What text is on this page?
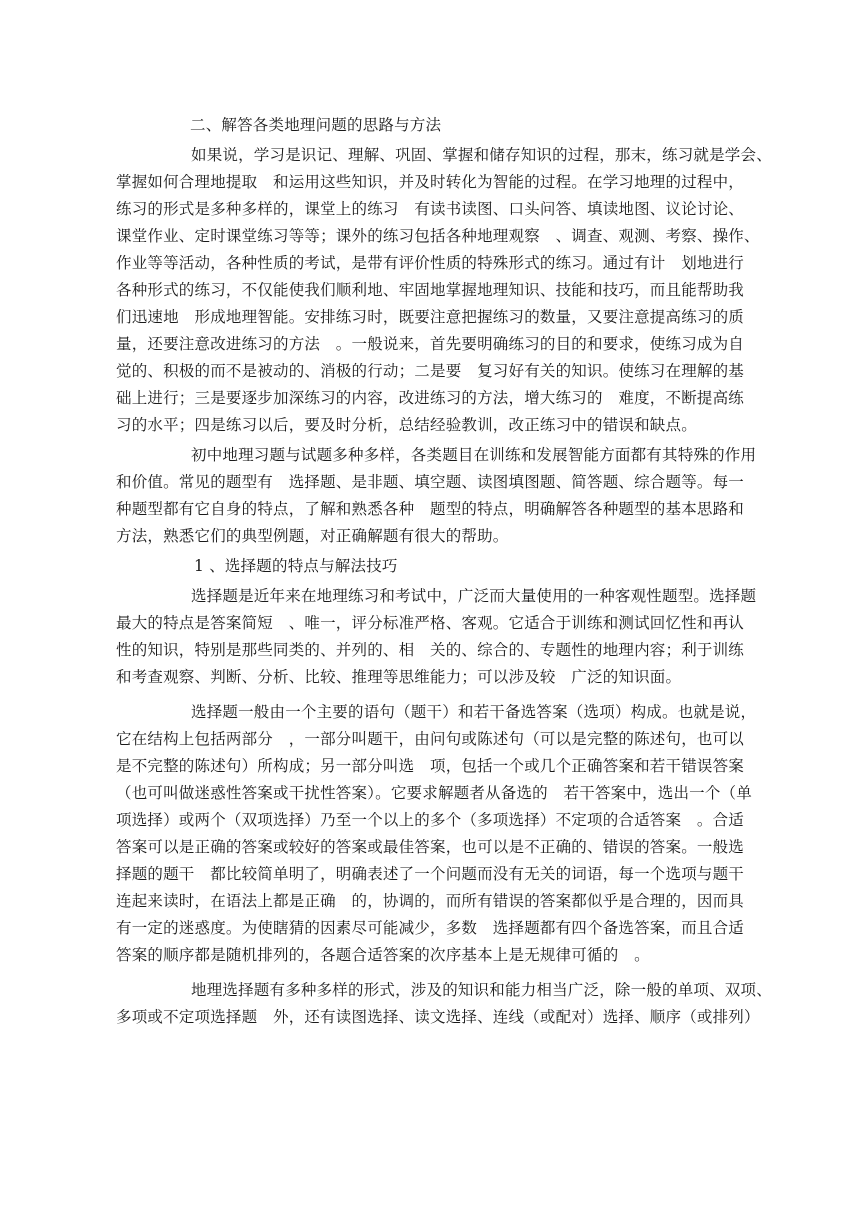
二、解答各类地理问题的思路与方法
如果说，学习是识记、理解、巩固、掌握和储存知识的过程，那末，练习就是学会、
掌握如何合理地提取　和运用这些知识，并及时转化为智能的过程。在学习地理的过程中，
练习的形式是多种多样的，课堂上的练习　有读书读图、口头问答、填读地图、议论讨论、
课堂作业、定时课堂练习等等；课外的练习包括各种地理观察　、调查、观测、考察、操作、
作业等等活动，各种性质的考试，是带有评价性质的特殊形式的练习。通过有计　划地进行
各种形式的练习，不仅能使我们顺利地、牢固地掌握地理知识、技能和技巧，而且能帮助我
们迅速地　形成地理智能。安排练习时，既要注意把握练习的数量，又要注意提高练习的质
量，还要注意改进练习的方法　。一般说来，首先要明确练习的目的和要求，使练习成为自
觉的、积极的而不是被动的、消极的行动；二是要　复习好有关的知识。使练习在理解的基
础上进行；三是要逐步加深练习的内容，改进练习的方法，增大练习的　难度，不断提高练
习的水平；四是练习以后，要及时分析，总结经验教训，改正练习中的错误和缺点。
初中地理习题与试题多种多样，各类题目在训练和发展智能方面都有其特殊的作用
和价值。常见的题型有　选择题、是非题、填空题、读图填图题、简答题、综合题等。每一
种题型都有它自身的特点，了解和熟悉各种　题型的特点，明确解答各种题型的基本思路和
方法，熟悉它们的典型例题，对正确解题有很大的帮助。
1 、选择题的特点与解法技巧
选择题是近年来在地理练习和考试中，广泛而大量使用的一种客观性题型。选择题
最大的特点是答案简短　、唯一，评分标准严格、客观。它适合于训练和测试回忆性和再认
性的知识，特别是那些同类的、并列的、相　关的、综合的、专题性的地理内容；利于训练
和考查观察、判断、分析、比较、推理等思维能力；可以涉及较　广泛的知识面。
选择题一般由一个主要的语句（题干）和若干备选答案（选项）构成。也就是说，
它在结构上包括两部分　，一部分叫题干，由问句或陈述句（可以是完整的陈述句，也可以
是不完整的陈述句）所构成；另一部分叫选　项，包括一个或几个正确答案和若干错误答案
（也可叫做迷惑性答案或干扰性答案）。它要求解题者从备选的　若干答案中，选出一个（单
项选择）或两个（双项选择）乃至一个以上的多个（多项选择）不定项的合适答案　。合适
答案可以是正确的答案或较好的答案或最佳答案，也可以是不正确的、错误的答案。一般选
择题的题干　都比较简单明了，明确表述了一个问题而没有无关的词语，每一个选项与题干
连起来读时，在语法上都是正确　的，协调的，而所有错误的答案都似乎是合理的，因而具
有一定的迷惑度。为使瞎猜的因素尽可能减少，多数　选择题都有四个备选答案，而且合适
答案的顺序都是随机排列的，各题合适答案的次序基本上是无规律可循的　。
地理选择题有多种多样的形式，涉及的知识和能力相当广泛，除一般的单项、双项、
多项或不定项选择题　外，还有读图选择、读文选择、连线（或配对）选择、顺序（或排列）
